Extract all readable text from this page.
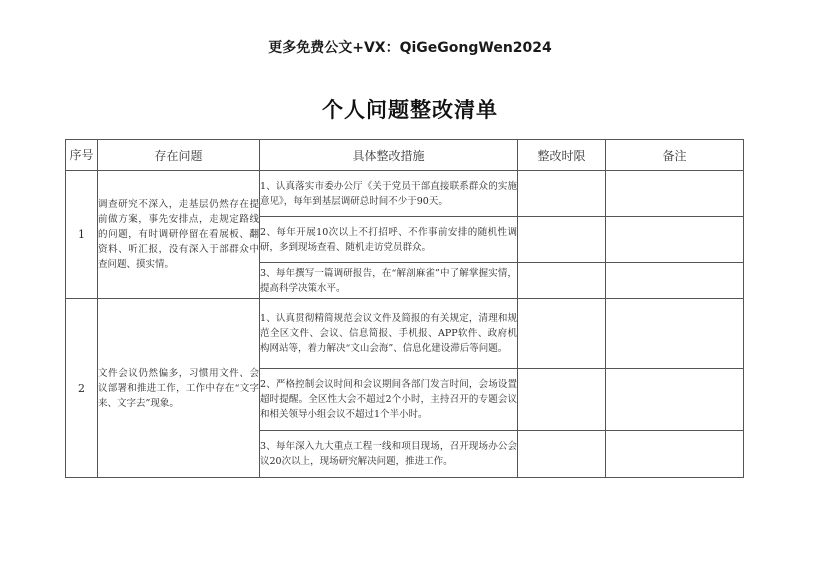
更多免费公文+VX：QiGeGongWen2024
个人问题整改清单
序号	存在问题	具体整改措施	整改时限	备注
1	调查研究不深入，走基层仍然存在提前做方案，事先安排点，走规定路线的问题，有时调研停留在看展板、翻资料、听汇报，没有深入于部群众中查问题、摸实情。	1、认真落实市委办公厅《关于党员干部直接联系群众的实施意见》，每年到基层调研总时间不少于90天。		
		2、每年开展10次以上不打招呼、不作事前安排的随机性调研，多到现场查看、随机走访党员群众。		
		3、每年撰写一篇调研报告，在“解剖麻雀”中了解掌握实情，提高科学决策水平。		
2	文件会议仍然偏多，习惯用文件、会议部署和推进工作，工作中存在“文字来、文字去”现象。	1、认真贯彻精简规范会议文件及简报的有关规定，清理和规范全区文件、会议、信息简报、手机报、APP软件、政府机构网站等，着力解决“文山会海”、信息化建设滞后等问题。		
		2、严格控制会议时间和会议期间各部门发言时间，会场设置超时提醒。全区性大会不超过2个小时，主持召开的专题会议和相关领导小组会议不超过1个半小时。		
		3、每年深入九大重点工程一线和项目现场，召开现场办公会议20次以上，现场研究解决问题，推进工作。		
